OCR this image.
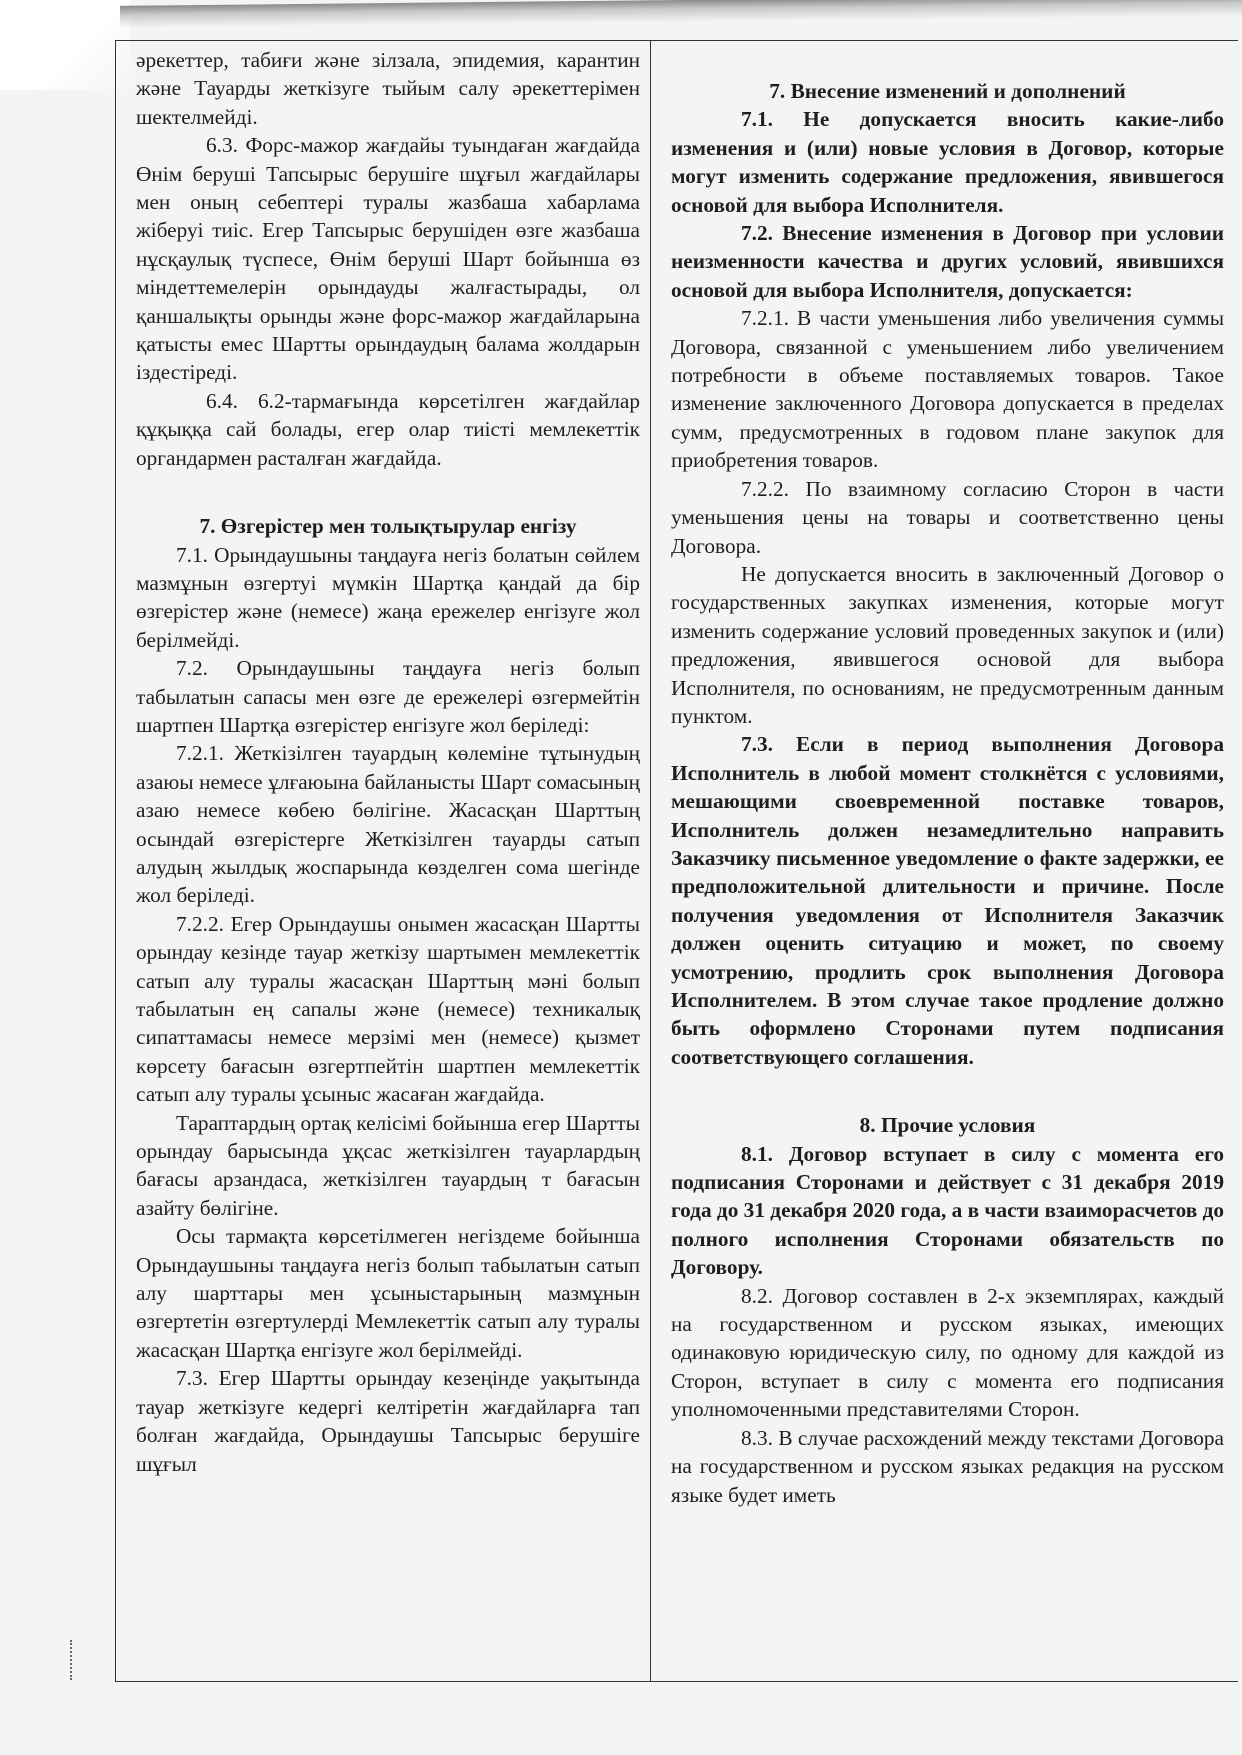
әрекеттер, табиғи және зілзала, эпидемия, карантин және Тауарды жеткізуге тыйым салу әрекеттерімен шектелмейді.

6.3. Форс-мажор жағдайы туындаған жағдайда Өнім беруші Тапсырыс берушіге шұғыл жағдайлары мен оның себептері туралы жазбаша хабарлама жіберуі тиіс. Егер Тапсырыс берушіден өзге жазбаша нұсқаулық түспесе, Өнім беруші Шарт бойынша өз міндеттемелерін орындауды жалғастырады, ол қаншалықты орынды және форс-мажор жағдайларына қатысты емес Шартты орындаудың балама жолдарын іздестіреді.

6.4. 6.2-тармағында көрсетілген жағдайлар құқыққа сай болады, егер олар тиісті мемлекеттік органдармен расталған жағдайда.

7. Өзгерістер мен толықтырулар енгізу

7.1. Орындаушыны таңдауға негіз болатын сөйлем мазмұнын өзгертуі мүмкін Шартқа қандай да бір өзгерістер және (немесе) жаңа ережелер енгізуге жол берілмейді.

7.2. Орындаушыны таңдауға негіз болып табылатын сапасы мен өзге де ережелері өзгермейтін шартпен Шартқа өзгерістер енгізуге жол беріледі:

7.2.1. Жеткізілген тауардың көлеміне тұтынудың азаюы немесе ұлғаюына байланысты Шарт сомасының азаю немесе көбею бөлігіне. Жасасқан Шарттың осындай өзгерістерге Жеткізілген тауарды сатып алудың жылдық жоспарында көзделген сома шегінде жол беріледі.

7.2.2. Егер Орындаушы онымен жасасқан Шартты орындау кезінде тауар жеткізу шартымен мемлекеттік сатып алу туралы жасасқан Шарттың мәні болып табылатын ең сапалы және (немесе) техникалық сипаттамасы немесе мерзімі мен (немесе) қызмет көрсету бағасын өзгертпейтін шартпен мемлекеттік сатып алу туралы ұсыныс жасаған жағдайда.

Тараптардың ортақ келісімі бойынша егер Шартты орындау барысында ұқсас жеткізілген тауарлардың бағасы арзандаса, жеткізілген тауардың т бағасын азайту бөлігіне.

Осы тармақта көрсетілмеген негіздеме бойынша Орындаушыны таңдауға негіз болып табылатын сатып алу шарттары мен ұсыныстарының мазмұнын өзгертетін өзгертулерді Мемлекеттік сатып алу туралы жасасқан Шартқа енгізуге жол берілмейді.

7.3. Егер Шартты орындау кезеңінде уақытында тауар жеткізуге кедергі келтіретін жағдайларға тап болған жағдайда, Орындаушы Тапсырыс берушіге шұғыл

7. Внесение изменений и дополнений

7.1. Не допускается вносить какие-либо изменения и (или) новые условия в Договор, которые могут изменить содержание предложения, явившегося основой для выбора Исполнителя.

7.2. Внесение изменения в Договор при условии неизменности качества и других условий, явившихся основой для выбора Исполнителя, допускается:

7.2.1. В части уменьшения либо увеличения суммы Договора, связанной с уменьшением либо увеличением потребности в объеме поставляемых товаров. Такое изменение заключенного Договора допускается в пределах сумм, предусмотренных в годовом плане закупок для приобретения товаров.

7.2.2. По взаимному согласию Сторон в части уменьшения цены на товары и соответственно цены Договора.

Не допускается вносить в заключенный Договор о государственных закупках изменения, которые могут изменить содержание условий проведенных закупок и (или) предложения, явившегося основой для выбора Исполнителя, по основаниям, не предусмотренным данным пунктом.

7.3. Если в период выполнения Договора Исполнитель в любой момент столкнётся с условиями, мешающими своевременной поставке товаров, Исполнитель должен незамедлительно направить Заказчику письменное уведомление о факте задержки, ее предположительной длительности и причине. После получения уведомления от Исполнителя Заказчик должен оценить ситуацию и может, по своему усмотрению, продлить срок выполнения Договора Исполнителем. В этом случае такое продление должно быть оформлено Сторонами путем подписания соответствующего соглашения.

8. Прочие условия

8.1. Договор вступает в силу с момента его подписания Сторонами и действует с 31 декабря 2019 года до 31 декабря 2020 года, а в части взаиморасчетов до полного исполнения Сторонами обязательств по Договору.

8.2. Договор составлен в 2-х экземплярах, каждый на государственном и русском языках, имеющих одинаковую юридическую силу, по одному для каждой из Сторон, вступает в силу с момента его подписания уполномоченными представителями Сторон.

8.3. В случае расхождений между текстами Договора на государственном и русском языках редакция на русском языке будет иметь
